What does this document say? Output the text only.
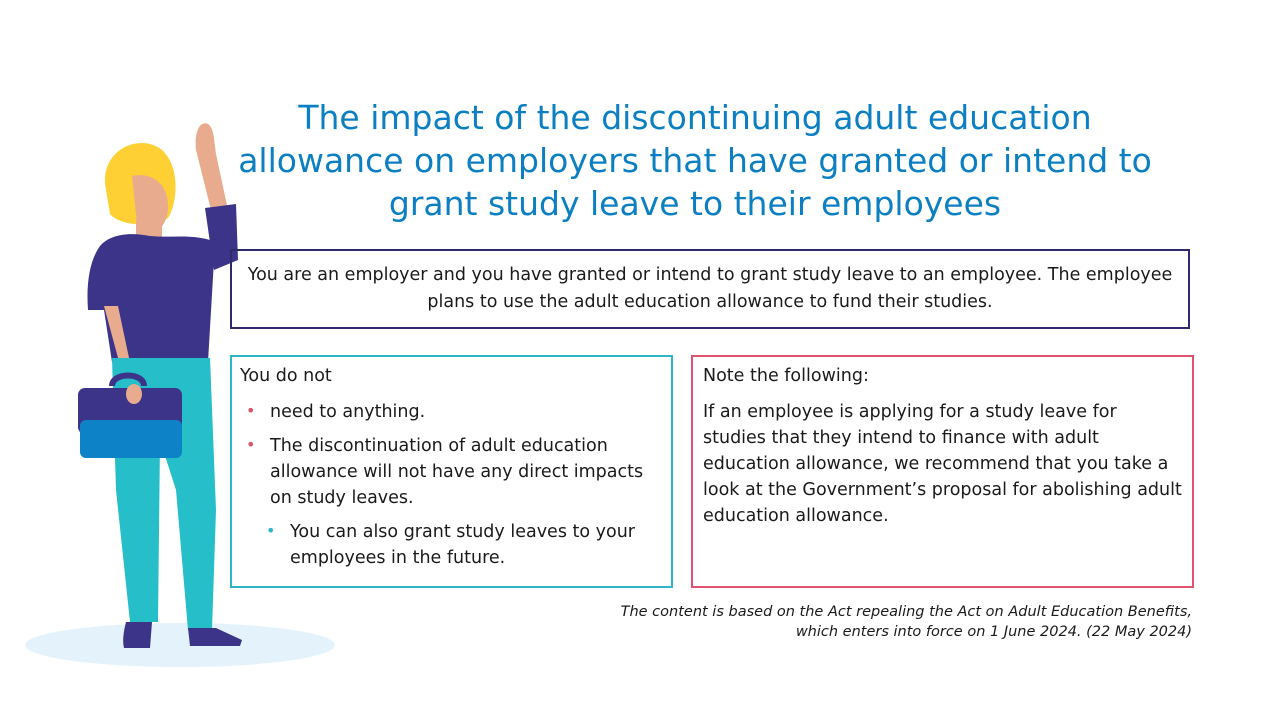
The impact of the discontinuing adult education allowance on employers that have granted or intend to grant study leave to their employees
You are an employer and you have granted or intend to grant study leave to an employee. The employee plans to use the adult education allowance to fund their studies.
You do not
• need to anything.
• The discontinuation of adult education allowance will not have any direct impacts on study leaves.
• You can also grant study leaves to your employees in the future.
Note the following:
If an employee is applying for a study leave for studies that they intend to finance with adult education allowance, we recommend that you take a look at the Government’s proposal for abolishing adult education allowance.
The content is based on the Act repealing the Act on Adult Education Benefits,
which enters into force on 1 June 2024. (22 May 2024)
